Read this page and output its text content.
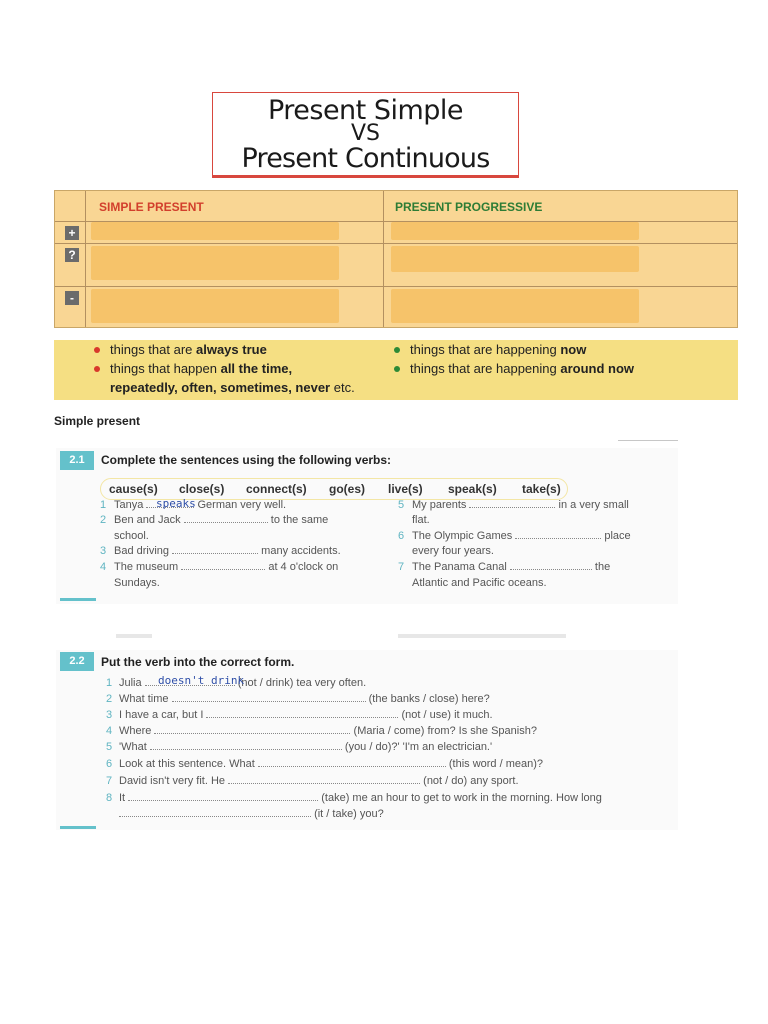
Present Simple
VS
Present Continuous
SIMPLE PRESENT	PRESENT PROGRESSIVE
+
?
-
things that are always true
things that happen all the time,
repeatedly, often, sometimes, never etc.
things that are happening now
things that are happening around now
Simple present
2.1	Complete the sentences using the following verbs:
cause(s) close(s) connect(s) go(es) live(s) speak(s) take(s)
1 Tanya	German very well.
speaks
2 Ben and Jack	to the same
school.
3 Bad driving	many accidents.
4 The museum	at 4 o'clock on
Sundays.
5 My parents	in a very small
flat.
6 The Olympic Games	place
every four years.
7 The Panama Canal	the
Atlantic and Pacific oceans.
2.2	Put the verb into the correct form.
1 Julia	(not / drink) tea very often.
doesn't drink
2 What time	(the banks / close) here?
3 I have a car, but I	(not / use) it much.
4 Where	(Maria / come) from? Is she Spanish?
5 'What	(you / do)?' 'I'm an electrician.'
6 Look at this sentence. What	(this word / mean)?
7 David isn't very fit. He	(not / do) any sport.
8 It	(take) me an hour to get to work in the morning. How long
(it / take) you?
